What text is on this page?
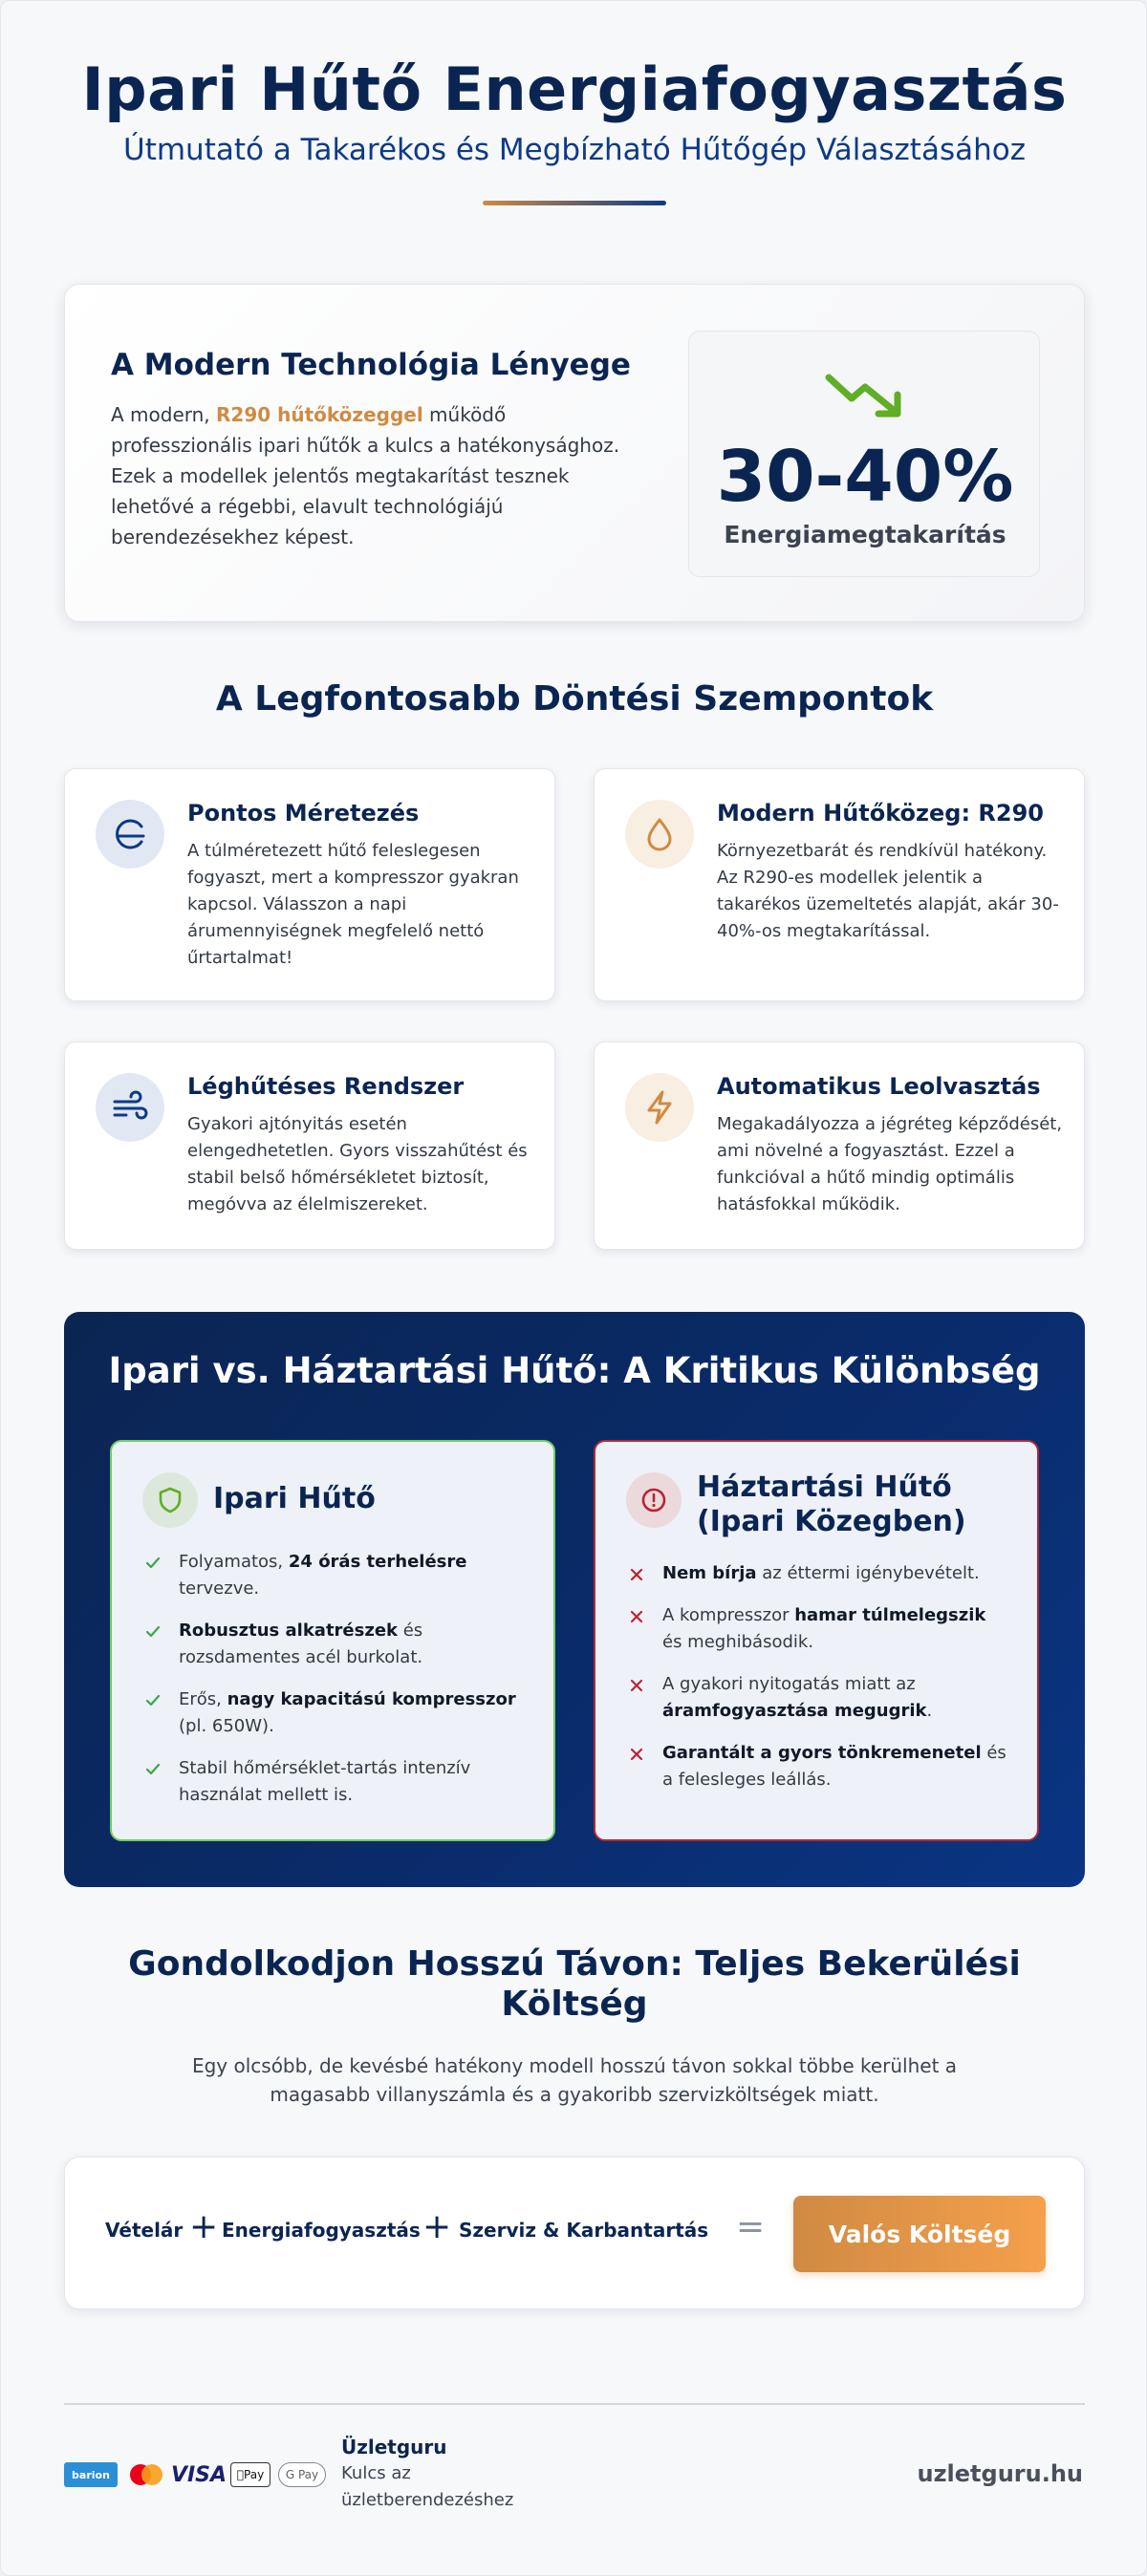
Ipari Hűtő Energiafogyasztás
Útmutató a Takarékos és Megbízható Hűtőgép Választásához
A Modern Technológia Lényege

A modern, R290 hűtőközeggel működő professzionális ipari hűtők a kulcs a hatékonysághoz. Ezek a modellek jelentős megtakarítást tesznek lehetővé a régebbi, elavult technológiájú berendezésekhez képest.

30-40%
Energiamegtakarítás
A Legfontosabb Döntési Szempontok
Pontos Méretezés

A túlméretezett hűtő feleslegesen fogyaszt, mert a kompresszor gyakran kapcsol. Válasszon a napi árumennyiségnek megfelelő nettó űrtartalmat!

Modern Hűtőközeg: R290

Környezetbarát és rendkívül hatékony. Az R290-es modellek jelentik a takarékos üzemeltetés alapját, akár 30-40%-os megtakarítással.

Léghűtéses Rendszer

Gyakori ajtónyitás esetén elengedhetetlen. Gyors visszahűtést és stabil belső hőmérsékletet biztosít, megóvva az élelmiszereket.

Automatikus Leolvasztás

Megakadályozza a jégréteg képződését, ami növelné a fogyasztást. Ezzel a funkcióval a hűtő mindig optimális hatásfokkal működik.

Ipari vs. Háztartási Hűtő: A Kritikus Különbség
Ipari Hűtő
Folyamatos, 24 órás terhelésre tervezve.
Robusztus alkatrészek és rozsdamentes acél burkolat.
Erős, nagy kapacitású kompresszor (pl. 650W).
Stabil hőmérséklet-tartás intenzív használat mellett is.
Háztartási Hűtő
(Ipari Közegben)
Nem bírja az éttermi igénybevételt.
A kompresszor hamar túlmelegszik és meghibásodik.
A gyakori nyitogatás miatt az áramfogyasztása megugrik.
Garantált a gyors tönkremenetel és a felesleges leállás.
Gondolkodjon Hosszú Távon: Teljes Bekerülési
Költség

Egy olcsóbb, de kevésbé hatékony modell hosszú távon sokkal többe kerülhet a magasabb villanyszámla és a gyakoribb szervizköltségek miatt.

Vételár + Energiafogyasztás + Szerviz & Karbantartás =	Valós Költség
barion	VISA Pay	G Pay
Üzletguru
Kulcs az üzletberendezéshez
uzletguru.hu
